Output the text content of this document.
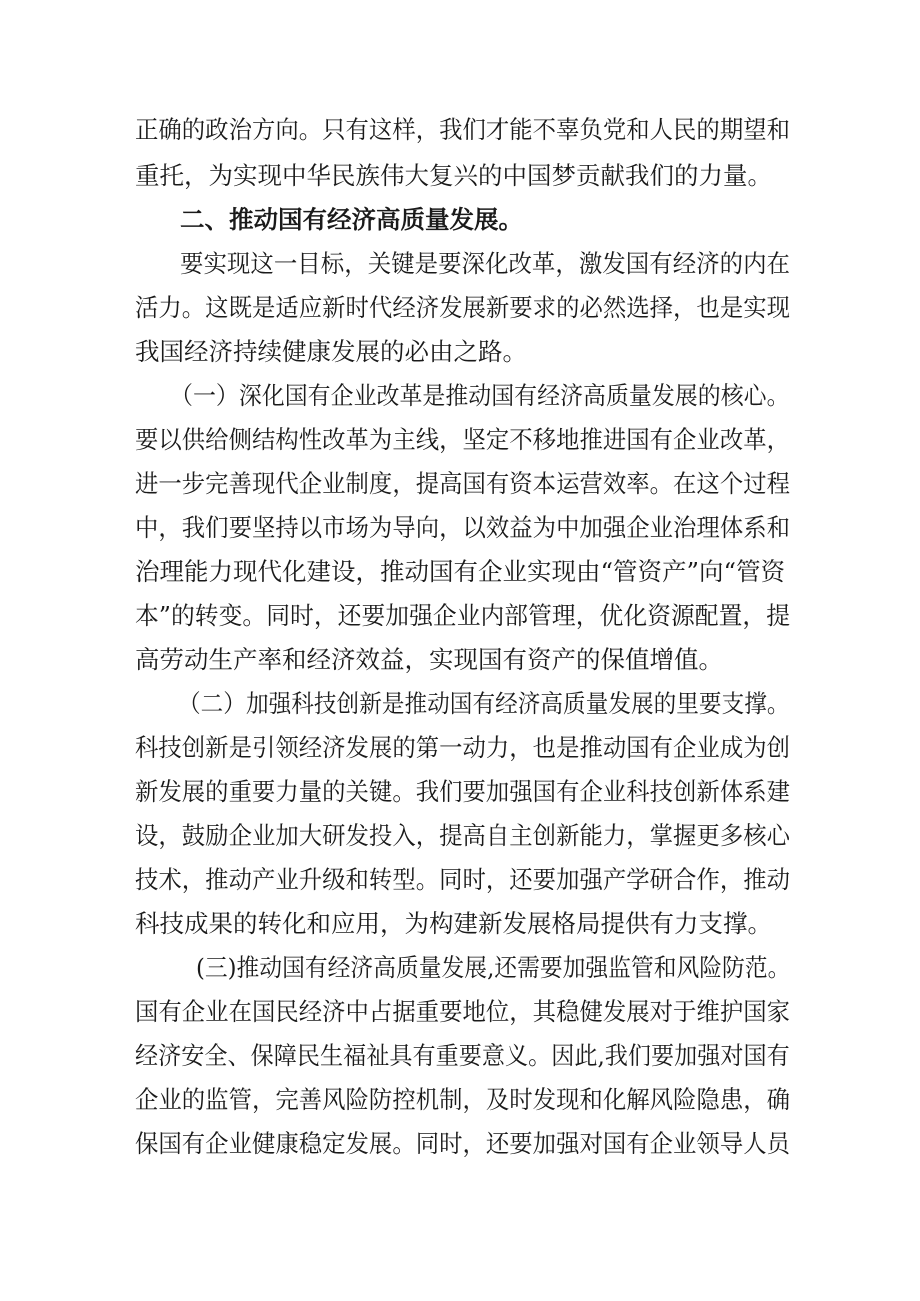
正确的政治方向。只有这样，我们才能不辜负党和人民的期望和
重托，为实现中华民族伟大复兴的中国梦贡献我们的力量。
二、推动国有经济高质量发展。
要实现这一目标，关键是要深化改革，激发国有经济的内在
活力。这既是适应新时代经济发展新要求的必然选择，也是实现
我国经济持续健康发展的必由之路。
（一）深化国有企业改革是推动国有经济高质量发展的核心。
要以供给侧结构性改革为主线，坚定不移地推进国有企业改革，
进一步完善现代企业制度，提高国有资本运营效率。在这个过程
中，我们要坚持以市场为导向，以效益为中加强企业治理体系和
治理能力现代化建设，推动国有企业实现由“管资产”向“管资
本”的转变。同时，还要加强企业内部管理，优化资源配置，提
高劳动生产率和经济效益，实现国有资产的保值增值。
（二）加强科技创新是推动国有经济高质量发展的里要支撑。
科技创新是引领经济发展的第一动力，也是推动国有企业成为创
新发展的重要力量的关键。我们要加强国有企业科技创新体系建
设，鼓励企业加大研发投入，提高自主创新能力，掌握更多核心
技术，推动产业升级和转型。同时，还要加强产学研合作，推动
科技成果的转化和应用，为构建新发展格局提供有力支撑。
(三)推动国有经济高质量发展,还需要加强监管和风险防范。
国有企业在国民经济中占据重要地位，其稳健发展对于维护国家
经济安全、保障民生福祉具有重要意义。因此,我们要加强对国有
企业的监管，完善风险防控机制，及时发现和化解风险隐患，确
保国有企业健康稳定发展。同时，还要加强对国有企业领导人员
